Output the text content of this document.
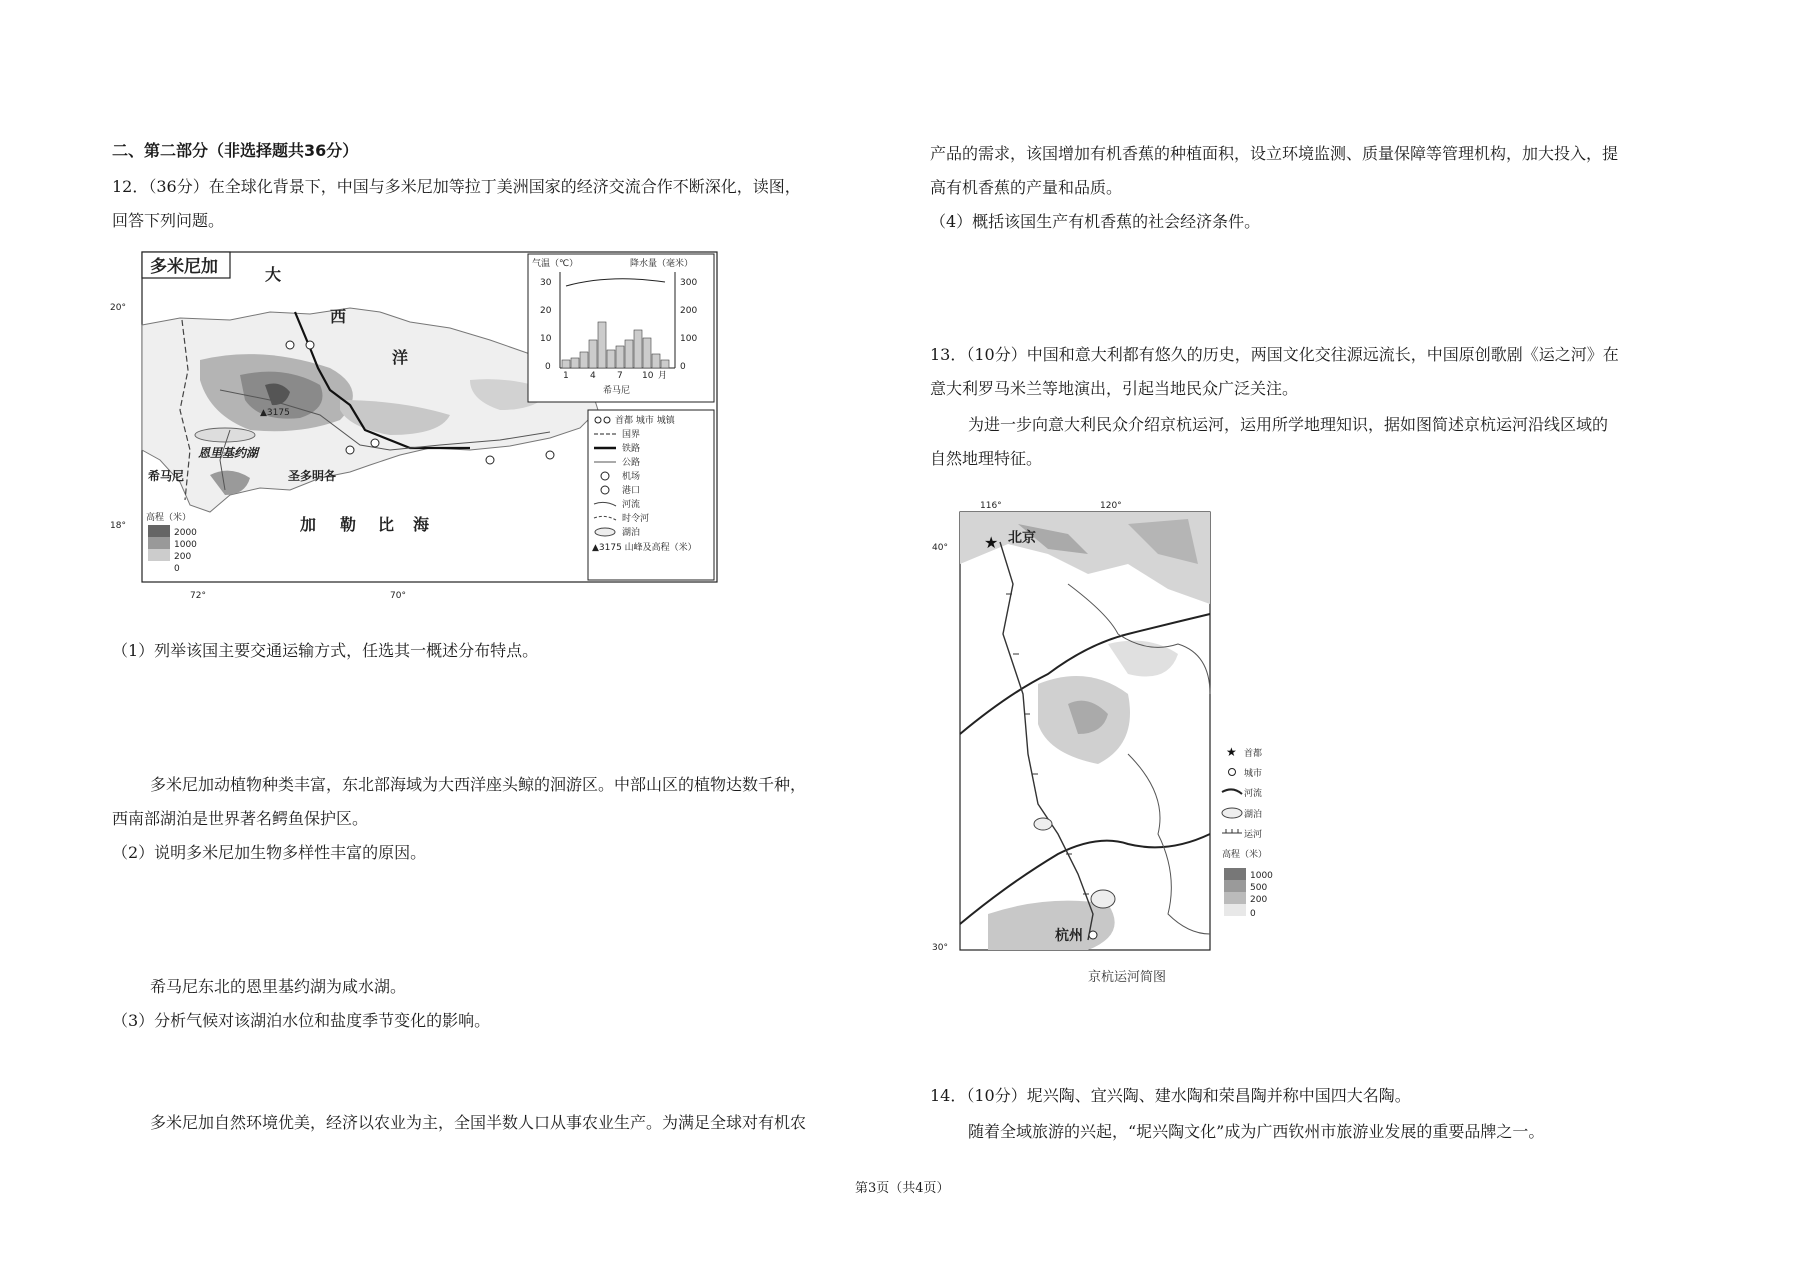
二、第二部分（非选择题共36分）
12．（36分）在全球化背景下，中国与多米尼加等拉丁美洲国家的经济交流合作不断深化，读图，
回答下列问题。
多米尼加	大
西
洋
加 勒 比 海
▲3175
恩里基约湖
希马尼	圣多明各
20°
18°
72°	70°
高程（米）
2000
1000
200
0
气温（℃）	降水量（毫米）
30
20
10
0
300
200
100
0
1 4 7 10 月
希马尼
首都 城市 城镇
国界
铁路
公路
机场
港口
河流
时令河
湖泊
▲3175 山峰及高程（米）
（1）列举该国主要交通运输方式，任选其一概述分布特点。
多米尼加动植物种类丰富，东北部海域为大西洋座头鲸的洄游区。中部山区的植物达数千种，
西南部湖泊是世界著名鳄鱼保护区。
（2）说明多米尼加生物多样性丰富的原因。
希马尼东北的恩里基约湖为咸水湖。
（3）分析气候对该湖泊水位和盐度季节变化的影响。
多米尼加自然环境优美，经济以农业为主，全国半数人口从事农业生产。为满足全球对有机农
产品的需求，该国增加有机香蕉的种植面积，设立环境监测、质量保障等管理机构，加大投入，提
高有机香蕉的产量和品质。
（4）概括该国生产有机香蕉的社会经济条件。
13．（10分）中国和意大利都有悠久的历史，两国文化交往源远流长，中国原创歌剧《运之河》在
意大利罗马米兰等地演出，引起当地民众广泛关注。
为进一步向意大利民众介绍京杭运河，运用所学地理知识，据如图简述京杭运河沿线区域的
自然地理特征。
116°	120°
40°
30°
★ 北京
杭州
★ 首都
城市
河流
湖泊
运河
高程（米）
1000
500
200
0
京杭运河简图
14．（10分）坭兴陶、宜兴陶、建水陶和荣昌陶并称中国四大名陶。
随着全域旅游的兴起，“坭兴陶文化”成为广西钦州市旅游业发展的重要品牌之一。
第3页（共4页）
